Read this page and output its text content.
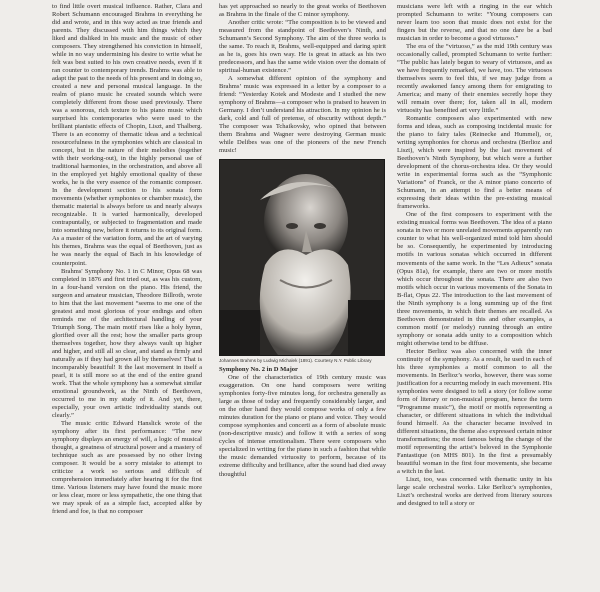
to find little overt musical influence. Rather, Clara and Robert Schumann encouraged Brahms in everything he did and wrote, and in this way acted as true friends and parents. They discussed with him things which they liked and disliked in his music and the music of other composers. They strengthened his conviction in himself, while in no way undermining his desire to write what he felt was best suited to his own creative needs, even if it ran counter to contemporary trends. Brahms was able to adapt the past to the needs of his present and in doing so, created a new and personal musical language. In the realm of piano music he created sounds which were completely different from those used previously. There was a sonorous, rich texture to his piano music which surprised his contemporaries who were used to the brilliant pianistic effects of Chopin, Liszt, and Thalberg. There is an economy of thematic ideas and a technical resourcefulness in the symphonies which are classical in concept, but in the nature of their melodies (together with their working-out), in the highly personal use of traditional harmonies, in the orchestration, and above all in the employed yet highly emotional quality of these works, he is the very essence of the romantic composer. In the development section to his sonata form movements (whether symphonies or chamber music), the thematic material is always before us and nearly always recognizable. It is varied harmonically, developed contrapuntally, or subjected to fragmentation and made into something new, before it returns to its original form. As a master of the variation form, and the art of varying his themes, Brahms was the equal of Beethoven, just as he was nearly the equal of Bach in his knowledge of counterpoint.

Brahms' Symphony No. 1 in C Minor, Opus 68 was completed in 1876 and first tried out, as was his custom, in a four-hand version on the piano. His friend, the surgeon and amateur musician, Theodore Billroth, wrote to him that the last movement “seems to me one of the greatest and most glorious of your endings and often reminds me of the architectural handling of your Triumph Song. The main motif rises like a holy hymn, glorified over all the rest; how the smaller parts group themselves together, how they always vault up higher and higher, and still all so clear, and stand as firmly and naturally as if they had grown all by themselves! That is incomparably beautiful! It the last movement in itself a pearl, it is still more so at the end of the entire grand work. That the whole symphony has a somewhat similar emotional groundwork, as the Ninth of Beethoven, occurred to me in my study of it. And yet, there, especially, your own artistic individuality stands out clearly.”

The music critic Edward Hanslick wrote of the symphony after its first performance: “The new symphony displays an energy of will, a logic of musical thought, a greatness of structural power and a mastery of technique such as are possessed by no other living composer. It would be a sorry mistake to attempt to criticize a work so serious and difficult of comprehension immediately after hearing it for the first time. Various listeners may have found the music more or less clear, more or less sympathetic, the one thing that we may speak of as a simple fact, accepted alike by friend and foe, is that no composer

has yet approached so nearly to the great works of Beethoven as Brahms in the finale of the C minor symphony.

Another critic wrote: “The composition is to be viewed and measured from the standpoint of Beethoven’s Ninth, and Schumann’s Second Symphony. The aim of the three works is the same. To reach it, Brahms, well-equipped and daring spirit as he is, goes his own way. He is great in attack as his two predecessors, and has the same wide vision over the domain of spiritual-human existence.”

A somewhat different opinion of the symphony and Brahms’ music was expressed in a letter by a composer to a friend: “Yesterday Kotek and Modeste and I studied the new symphony of Brahms—a composer who is praised to heaven in Germany. I don’t understand his attraction. In my opinion he is dark, cold and full of pretense, of obscurity without depth.” The composer was Tchaikovsky, who opined that between them Brahms and Wagner were destroying German music while Delibes was one of the pioneers of the new French music!

Johannes Brahms by Ludwig Michalek (1891). Courtesy N.Y. Public Library

Symphony No. 2 in D Major

One of the characteristics of 19th century music was exaggeration. On one hand composers were writing symphonies forty-five minutes long, for orchestra generally as large as those of today and frequently considerably larger, and on the other hand they would compose works of only a few minutes duration for the piano or piano and voice. They would compose symphonies and concerti as a form of absolute music (non-descriptive music) and follow it with a series of song cycles of intense emotionalism. There were composers who specialized in writing for the piano in such a fashion that while the music demanded virtuosity to perform, because of its extreme difficulty and brilliance, after the sound had died away thoughtful

musicians were left with a ringing in the ear which prompted Schumann to write: “Young composers can never learn too soon that music does not exist for the fingers but the reverse, and that no one dare be a bad musician in order to become a good virtuoso.”

The era of the “virtuoso,” as the mid 19th century was occasionally called, prompted Schumann to write further: “The public has lately begun to weary of virtuosos, and as we have frequently remarked, we have, too. The virtuosos themselves seem to feel this, if we may judge from a recently awakened fancy among them for emigrating to America; and many of their enemies secretly hope they will remain over there; for, taken all in all, modern virtuosity has benefited art very little.”

Romantic composers also experimented with new forms and ideas, such as composing incidental music for the piano to fairy tales (Reinecke and Hummel), or, writing symphonies for chorus and orchestra (Berlioz and Liszt), which were inspired by the last movement of Beethoven’s Ninth Symphony, but which were a further development of the chorus-orchestra idea. Or they would write in experimental forms such as the “Symphonic Variations” of Franck, or the A minor piano concerto of Schumann, in an attempt to find a better means of expressing their ideas within the pre-existing musical frameworks.

One of the first composers to experiment with the existing musical forms was Beethoven. The idea of a piano sonata in two or more unrelated movements apparently ran counter to what his well-organized mind told him should be so. Consequently, he experimented by introducing motifs in various sonatas which occurred in different movements of the same work. In the “Les Adieux” sonata (Opus 81a), for example, there are two or more motifs which occur throughout the sonata. There are also two motifs which occur in various movements of the Sonata in B-flat, Opus 22. The introduction to the last movement of the Ninth symphony is a long summing up of the first three movements, in which their themes are recalled. As Beethoven demonstrated in this and other examples, a common motif (or melody) running through an entire symphony or sonata adds unity to a composition which might otherwise tend to be diffuse.

Hector Berlioz was also concerned with the inner continuity of the symphony. As a result, he used in each of his three symphonies a motif common to all the movements. In Berlioz’s works, however, there was some justification for a recurring melody in each movement. His symphonies were designed to tell a story (or follow some form of literary or non-musical program, hence the term “Programme music”), the motif or motifs representing a character, or different situations in which the individual found himself. As the character became involved in different situations, the theme also expressed certain minor transformations; the most famous being the change of the motif representing the artist’s beloved in the Symphonie Fantastique (on MHS 801). In the first a presumably beautiful woman in the first four movements, she became a witch in the last.

Liszt, too, was concerned with thematic unity in his large scale orchestral works. Like Berlioz’s symphonies, Liszt’s orchestral works are derived from literary sources and designed to tell a story or
